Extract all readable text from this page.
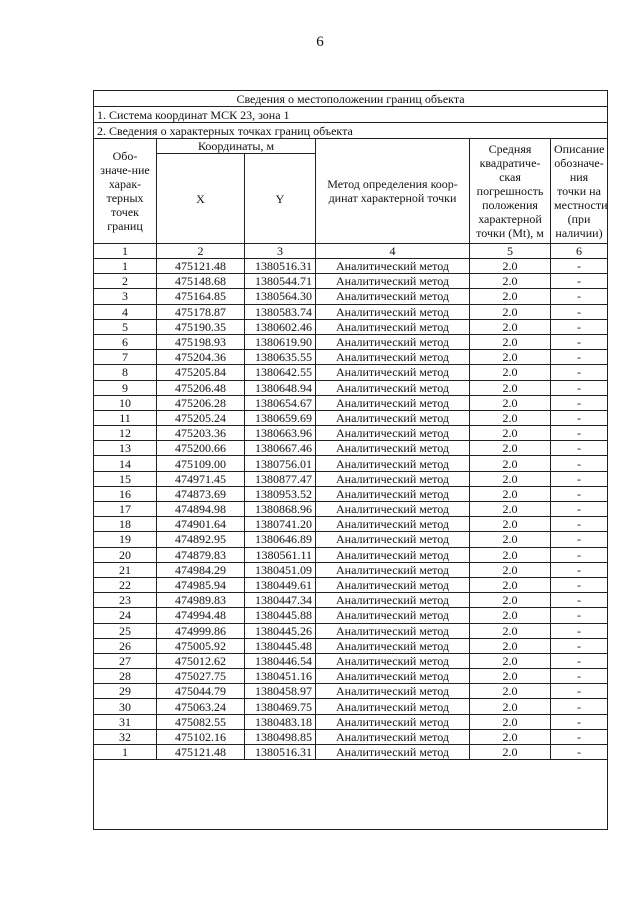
6
Сведения о местоположении границ объекта					
1. Система координат МСК 23, зона 1					
2. Сведения о характерных точках границ объекта					
Обо-значе-ние харак-терных точек границ	Координаты, м		Метод определения коор-динат характерной точки	Средняя квадратиче-ская погрешность положения характерной точки (Mt), м	Описание обозначе-ния точки на местности (при наличии)
	X	Y			
1	2	3	4	5	6
1	475121.48	1380516.31	Аналитический метод	2.0	-
2	475148.68	1380544.71	Аналитический метод	2.0	-
3	475164.85	1380564.30	Аналитический метод	2.0	-
4	475178.87	1380583.74	Аналитический метод	2.0	-
5	475190.35	1380602.46	Аналитический метод	2.0	-
6	475198.93	1380619.90	Аналитический метод	2.0	-
7	475204.36	1380635.55	Аналитический метод	2.0	-
8	475205.84	1380642.55	Аналитический метод	2.0	-
9	475206.48	1380648.94	Аналитический метод	2.0	-
10	475206.28	1380654.67	Аналитический метод	2.0	-
11	475205.24	1380659.69	Аналитический метод	2.0	-
12	475203.36	1380663.96	Аналитический метод	2.0	-
13	475200.66	1380667.46	Аналитический метод	2.0	-
14	475109.00	1380756.01	Аналитический метод	2.0	-
15	474971.45	1380877.47	Аналитический метод	2.0	-
16	474873.69	1380953.52	Аналитический метод	2.0	-
17	474894.98	1380868.96	Аналитический метод	2.0	-
18	474901.64	1380741.20	Аналитический метод	2.0	-
19	474892.95	1380646.89	Аналитический метод	2.0	-
20	474879.83	1380561.11	Аналитический метод	2.0	-
21	474984.29	1380451.09	Аналитический метод	2.0	-
22	474985.94	1380449.61	Аналитический метод	2.0	-
23	474989.83	1380447.34	Аналитический метод	2.0	-
24	474994.48	1380445.88	Аналитический метод	2.0	-
25	474999.86	1380445.26	Аналитический метод	2.0	-
26	475005.92	1380445.48	Аналитический метод	2.0	-
27	475012.62	1380446.54	Аналитический метод	2.0	-
28	475027.75	1380451.16	Аналитический метод	2.0	-
29	475044.79	1380458.97	Аналитический метод	2.0	-
30	475063.24	1380469.75	Аналитический метод	2.0	-
31	475082.55	1380483.18	Аналитический метод	2.0	-
32	475102.16	1380498.85	Аналитический метод	2.0	-
1	475121.48	1380516.31	Аналитический метод	2.0	-
